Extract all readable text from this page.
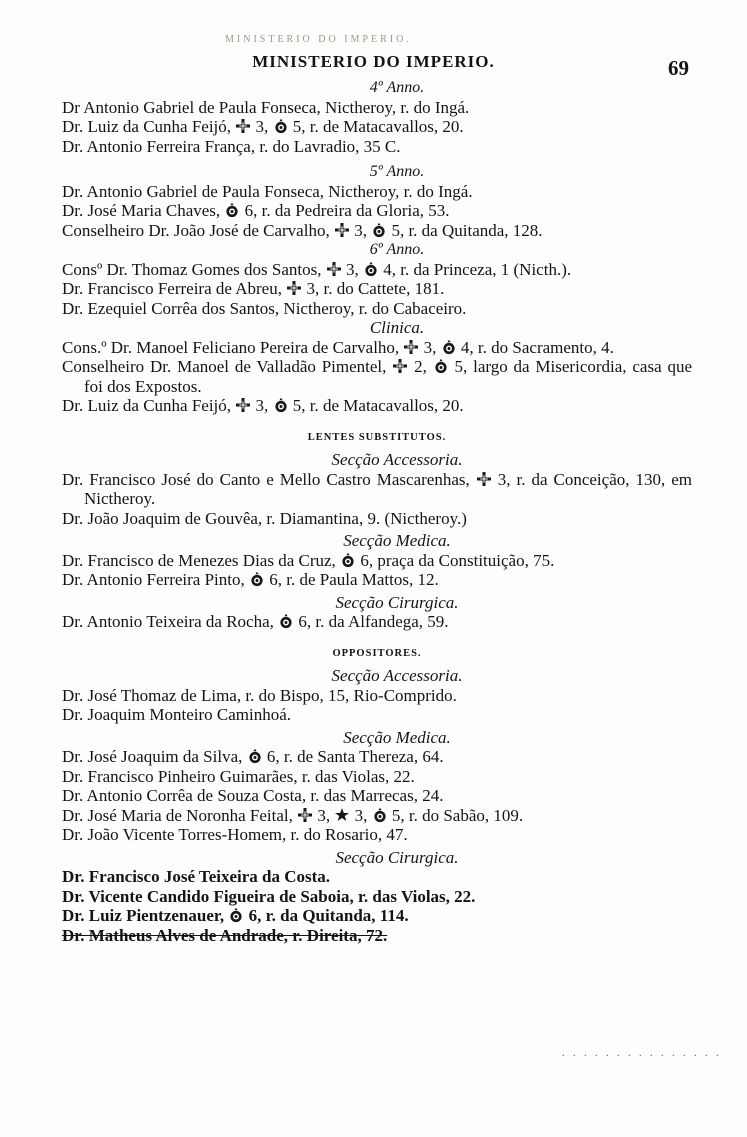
MINISTERIO DO IMPERIO.
MINISTERIO DO IMPERIO.	69

4º Anno.

Dr Antonio Gabriel de Paula Fonseca, Nictheroy, r. do Ingá.

Dr. Luiz da Cunha Feijó,  3,  5, r. de Matacavallos, 20.

Dr. Antonio Ferreira França, r. do Lavradio, 35 C.

5º Anno.

Dr. Antonio Gabriel de Paula Fonseca, Nictheroy, r. do Ingá.

Dr. José Maria Chaves,  6, r. da Pedreira da Gloria, 53.

Conselheiro Dr. João José de Carvalho,  3,  5, r. da Quitanda, 128.

6º Anno.

Consº Dr. Thomaz Gomes dos Santos,  3,  4, r. da Princeza, 1 (Nicth.).

Dr. Francisco Ferreira de Abreu,  3, r. do Cattete, 181.

Dr. Ezequiel Corrêa dos Santos, Nictheroy, r. do Cabaceiro.

Clinica.

Cons.º Dr. Manoel Feliciano Pereira de Carvalho,  3,  4, r. do Sacramento, 4.

Conselheiro Dr. Manoel de Valladão Pimentel,  2,  5, largo da Misericordia, casa que foi dos Expostos.

Dr. Luiz da Cunha Feijó,  3,  5, r. de Matacavallos, 20.

LENTES SUBSTITUTOS.

Secção Accessoria.

Dr. Francisco José do Canto e Mello Castro Mascarenhas,  3, r. da Conceição, 130, em Nictheroy.

Dr. João Joaquim de Gouvêa, r. Diamantina, 9. (Nictheroy.)

Secção Medica.

Dr. Francisco de Menezes Dias da Cruz,  6, praça da Constituição, 75.

Dr. Antonio Ferreira Pinto,  6, r. de Paula Mattos, 12.

Secção Cirurgica.

Dr. Antonio Teixeira da Rocha,  6, r. da Alfandega, 59.

OPPOSITORES.

Secção Accessoria.

Dr. José Thomaz de Lima, r. do Bispo, 15, Rio-Comprido.

Dr. Joaquim Monteiro Caminhoá.

Secção Medica.

Dr. José Joaquim da Silva,  6, r. de Santa Thereza, 64.

Dr. Francisco Pinheiro Guimarães, r. das Violas, 22.

Dr. Antonio Corrêa de Souza Costa, r. das Marrecas, 24.

Dr. José Maria de Noronha Feital,  3,  3,  5, r. do Sabão, 109.

Dr. João Vicente Torres-Homem, r. do Rosario, 47.

Secção Cirurgica.

Dr. Francisco José Teixeira da Costa.

Dr. Vicente Candido Figueira de Saboia, r. das Violas, 22.

Dr. Luiz Pientzenauer,  6, r. da Quitanda, 114.

Dr. Matheus Alves de Andrade, r. Direita, 72.

. . . . . . . . . . . . . . .
